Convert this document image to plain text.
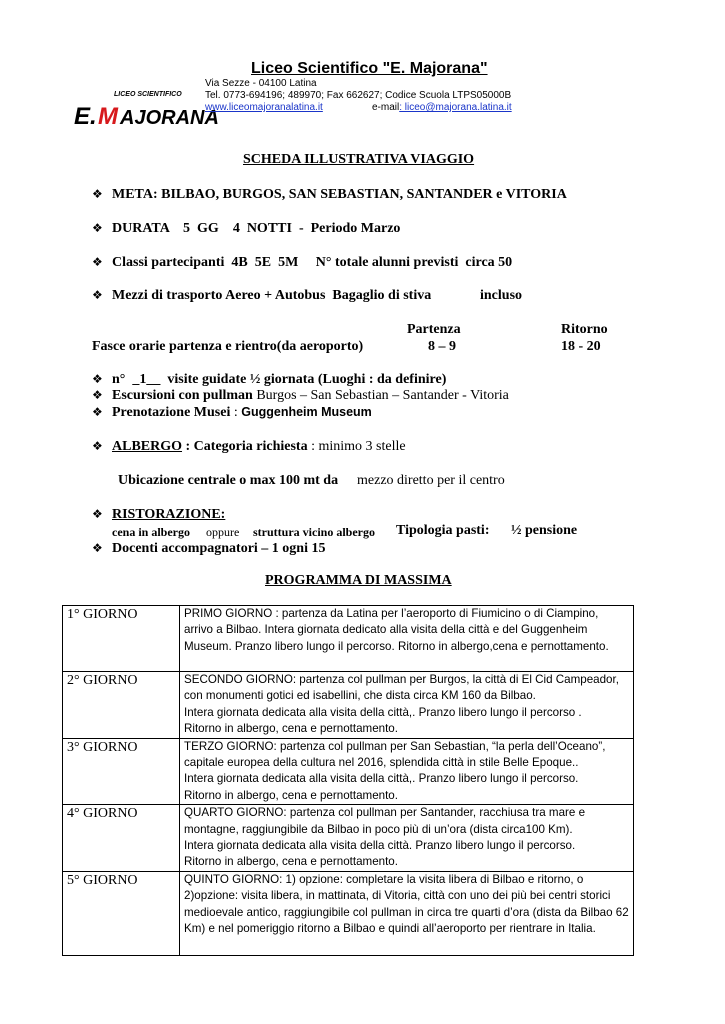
LICEO SCIENTIFICO
E. M AJORANA
Liceo Scientifico "E. Majorana"
Via Sezze - 04100 Latina
Tel. 0773-694196; 489970; Fax 662627; Codice Scuola LTPS05000B
www.liceomajoranalatina.it	e-mail: liceo@majorana.latina.it
SCHEDA ILLUSTRATIVA VIAGGIO
❖ META: BILBAO, BURGOS, SAN SEBASTIAN, SANTANDER e VITORIA
❖ DURATA    5  GG    4  NOTTI  -  Periodo Marzo
❖ Classi partecipanti  4B  5E  5M     N° totale alunni previsti  circa 50
❖ Mezzi di trasporto Aereo + Autobus  Bagaglio di stiva	incluso
Partenza	Ritorno
Fasce orarie partenza e rientro(da aeroporto)	8 – 9	18 - 20
❖ n°  _1__  visite guidate ½ giornata (Luoghi : da definire)
❖ Escursioni con pullman Burgos – San Sebastian – Santander - Vitoria
❖ Prenotazione Musei : Guggenheim Museum
❖ ALBERGO : Categoria richiesta : minimo 3 stelle
Ubicazione centrale o max 100 mt da mezzo diretto per il centro
❖ RISTORAZIONE:
cena in albergo oppure struttura vicino albergo Tipologia pasti: ½ pensione
❖ Docenti accompagnatori – 1 ogni 15
PROGRAMMA DI MASSIMA
1° GIORNO	PRIMO GIORNO : partenza da Latina per l’aeroporto di Fiumicino o di Ciampino, arrivo a Bilbao. Intera giornata dedicato alla visita della città e del Guggenheim Museum. Pranzo libero lungo il percorso. Ritorno in albergo,cena e pernottamento.
2° GIORNO	SECONDO GIORNO: partenza col pullman per Burgos, la città di El Cid Campeador, con monumenti gotici ed isabellini, che dista circa KM 160 da Bilbao.
Intera giornata dedicata alla visita della città,. Pranzo libero lungo il percorso .
Ritorno in albergo, cena e pernottamento.
3° GIORNO	TERZO GIORNO: partenza col pullman per San Sebastian, “la perla dell’Oceano”, capitale europea della cultura nel 2016, splendida città in stile Belle Epoque..
Intera giornata dedicata alla visita della città,. Pranzo libero lungo il percorso.
Ritorno in albergo, cena e pernottamento.
4° GIORNO	QUARTO GIORNO: partenza col pullman per Santander, racchiusa tra mare e montagne, raggiungibile da Bilbao in poco più di un’ora (dista circa100 Km).
Intera giornata dedicata alla visita della città. Pranzo libero lungo il percorso.
Ritorno in albergo, cena e pernottamento.
5° GIORNO	QUINTO GIORNO: 1) opzione: completare la visita libera di Bilbao e ritorno, o 2)opzione: visita libera, in mattinata, di Vitoria, città con uno dei più bei centri storici medioevale antico, raggiungibile col pullman in circa tre quarti d’ora (dista da Bilbao 62 Km) e nel pomeriggio ritorno a Bilbao e quindi all’aeroporto per rientrare in Italia.
